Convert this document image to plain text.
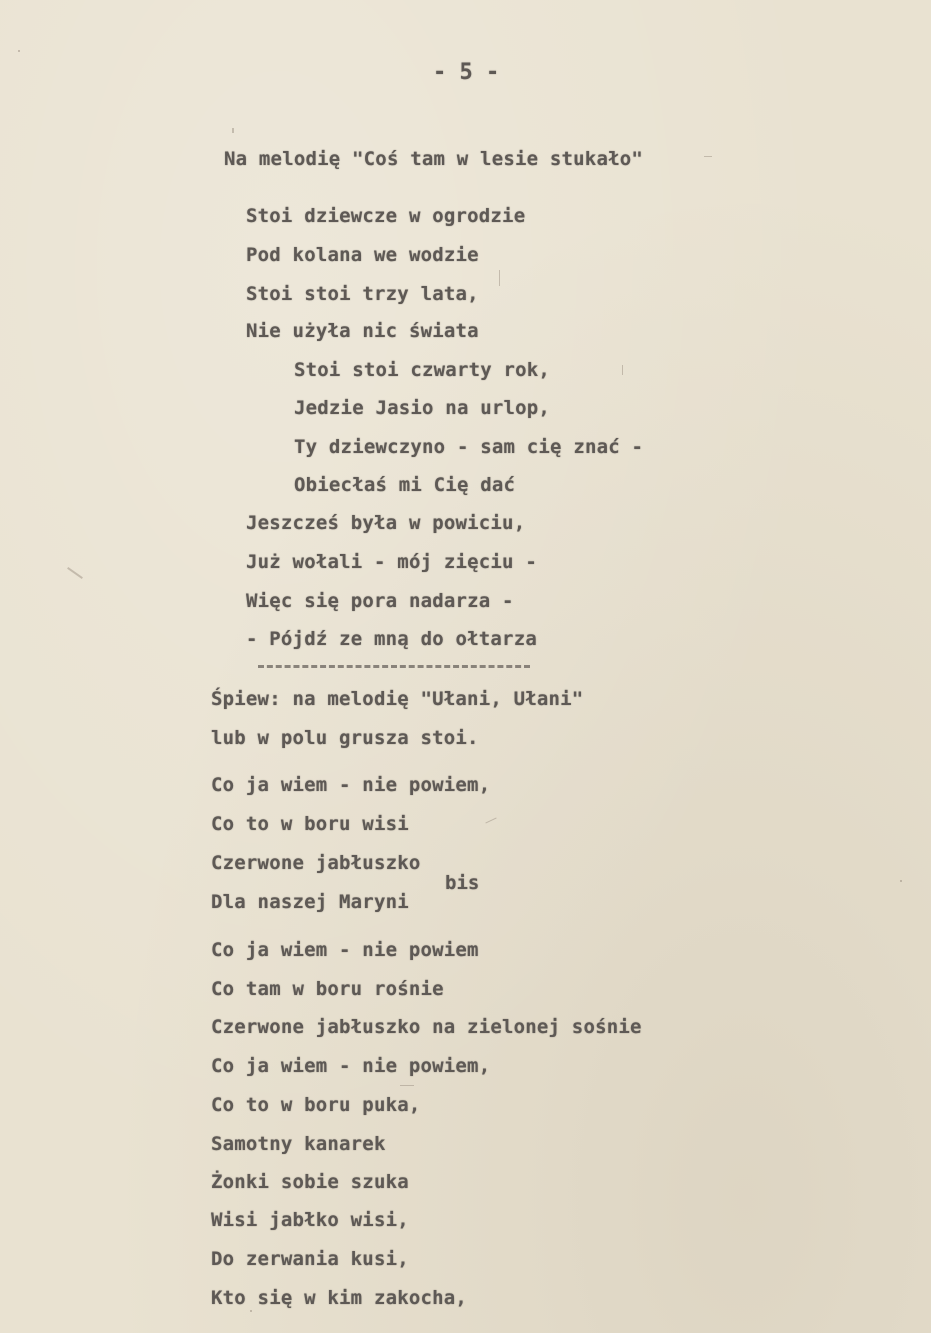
- 5 -
Na melodię "Coś tam w lesie stukało"
Stoi dziewcze w ogrodzie
Pod kolana we wodzie
Stoi stoi trzy lata,
Nie użyła nic świata
Stoi stoi czwarty rok,
Jedzie Jasio na urlop,
Ty dziewczyno - sam cię znać -
Obiecłaś mi Cię dać
Jeszcześ była w powiciu,
Już wołali - mój zięciu -
Więc się pora nadarza -
- Pójdź ze mną do ołtarza
Śpiew: na melodię "Ułani, Ułani"
lub w polu grusza stoi.
Co ja wiem - nie powiem,
Co to w boru wisi
Czerwone jabłuszko
Dla naszej Maryni
bis
Co ja wiem - nie powiem
Co tam w boru rośnie
Czerwone jabłuszko na zielonej sośnie
Co ja wiem - nie powiem,
Co to w boru puka,
Samotny kanarek
Żonki sobie szuka
Wisi jabłko wisi,
Do zerwania kusi,
Kto się w kim zakocha,
